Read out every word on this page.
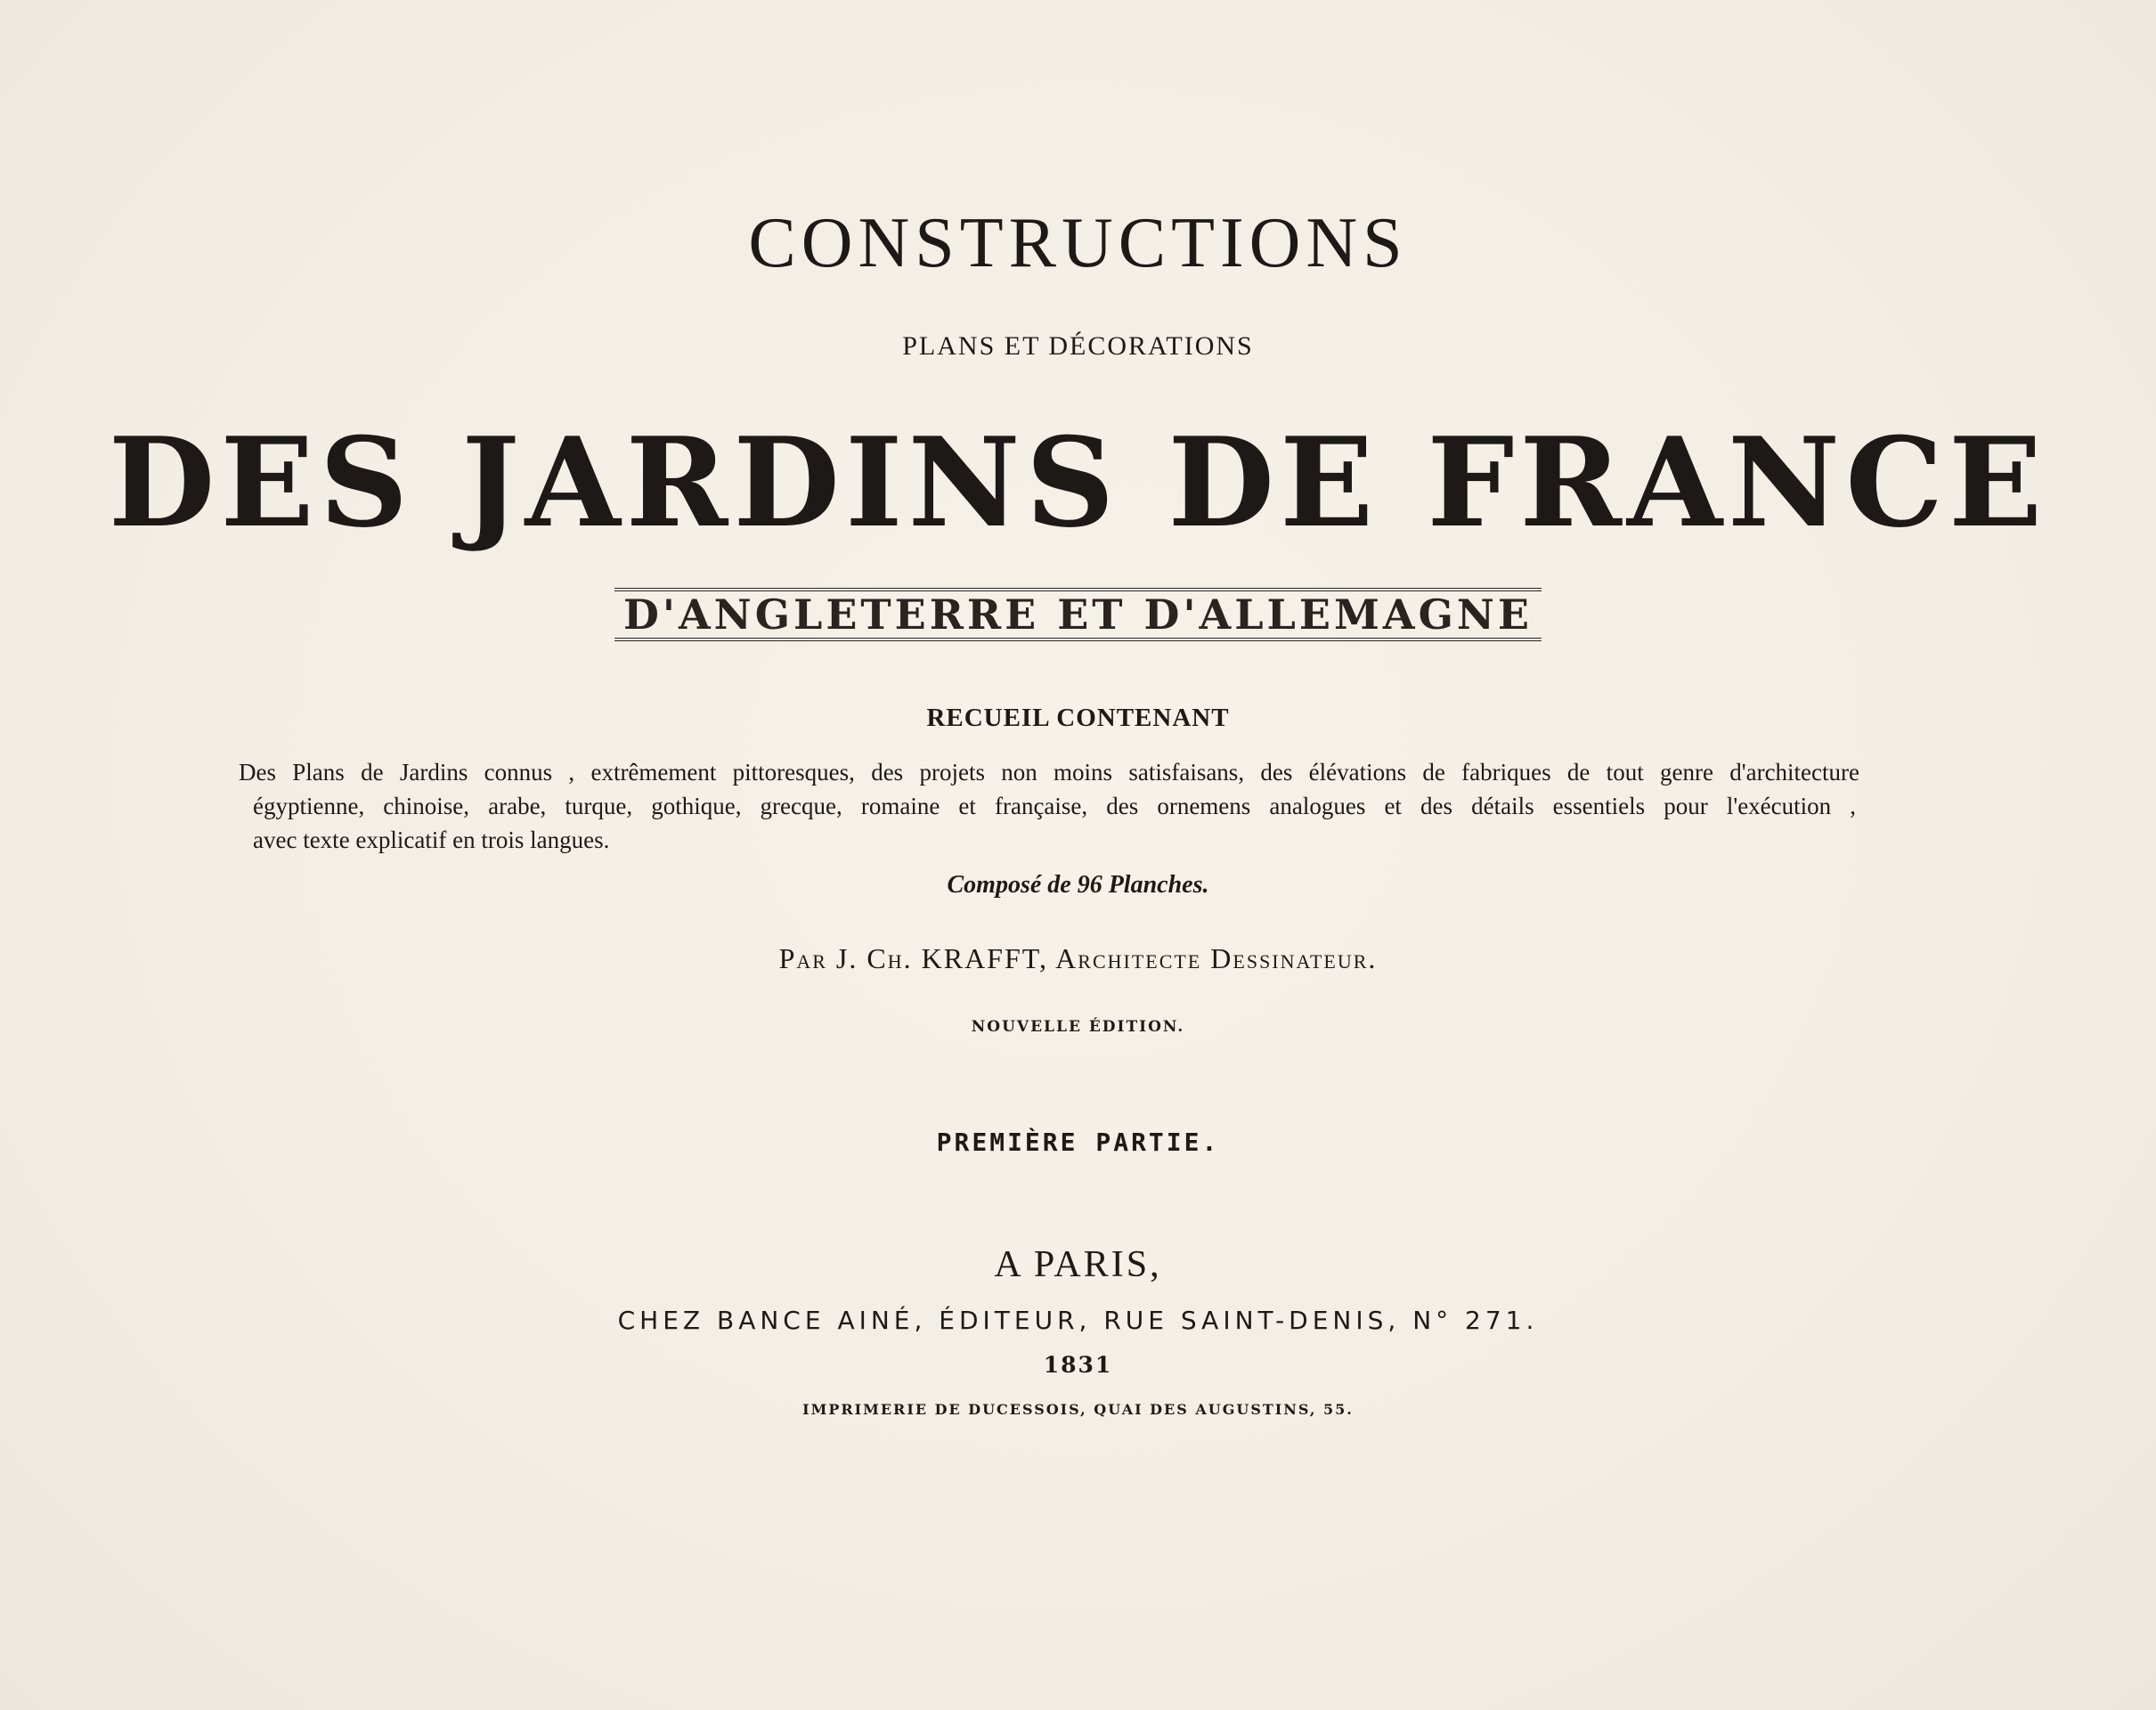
CONSTRUCTIONS
PLANS ET DÉCORATIONS
DES JARDINS DE FRANCE
D'ANGLETERRE ET D'ALLEMAGNE
RECUEIL CONTENANT
Des Plans de Jardins connus , extrêmement pittoresques, des projets non moins satisfaisans, des élévations de fabriques de tout genre d'architecture
égyptienne, chinoise, arabe, turque, gothique, grecque, romaine et française, des ornemens analogues et des détails essentiels pour l'exécution ,
avec texte explicatif en trois langues.
Composé de 96 Planches.
Par J. Ch. KRAFFT, Architecte Dessinateur.
NOUVELLE ÉDITION.
PREMIÈRE PARTIE.
A PARIS,
CHEZ BANCE AINÉ, ÉDITEUR, RUE SAINT-DENIS, N° 271.
1831
IMPRIMERIE DE DUCESSOIS, QUAI DES AUGUSTINS, 55.
